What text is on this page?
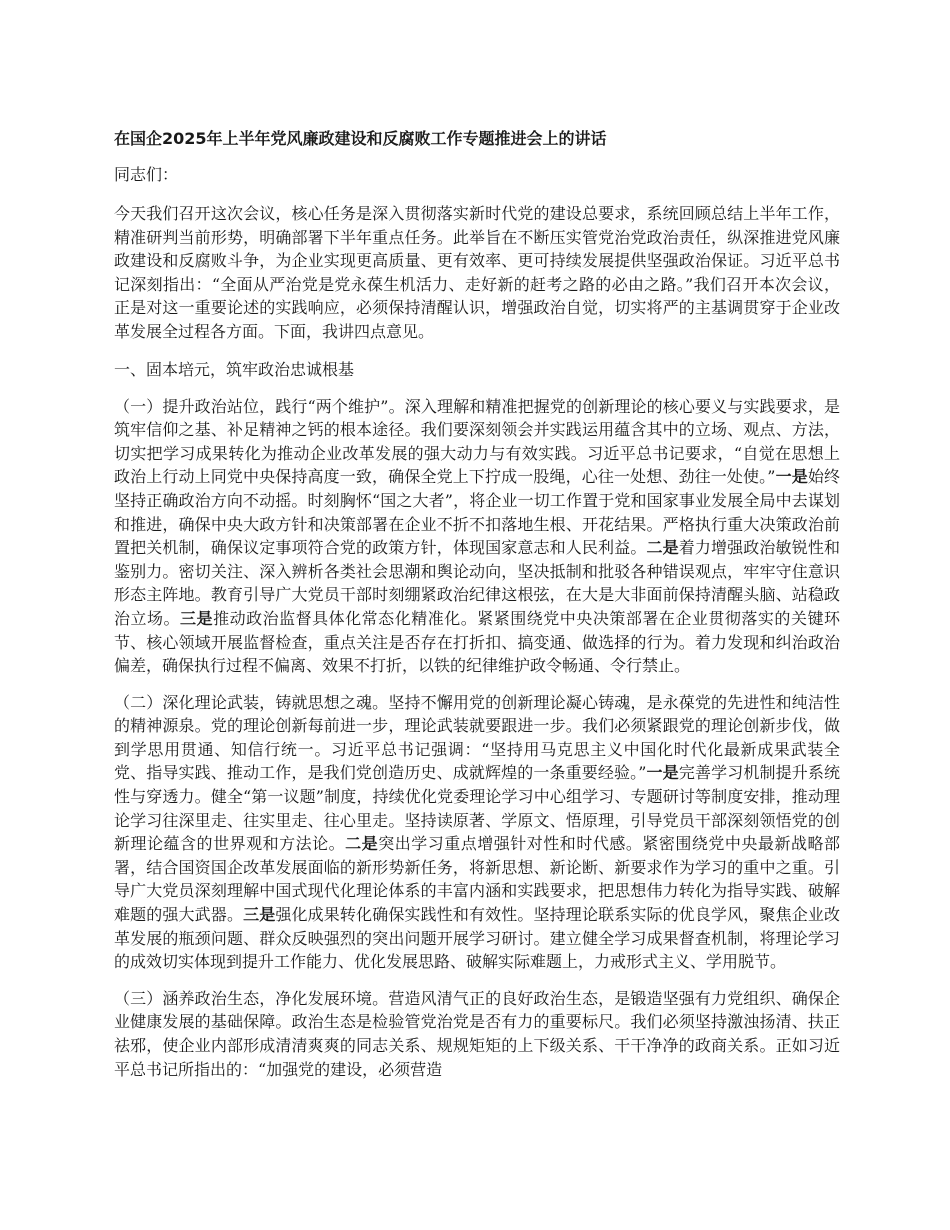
在国企2025年上半年党风廉政建设和反腐败工作专题推进会上的讲话
同志们：

今天我们召开这次会议，核心任务是深入贯彻落实新时代党的建设总要求，系统回顾总结上半年工作，精准研判当前形势，明确部署下半年重点任务。此举旨在不断压实管党治党政治责任，纵深推进党风廉政建设和反腐败斗争，为企业实现更高质量、更有效率、更可持续发展提供坚强政治保证。习近平总书记深刻指出：“全面从严治党是党永葆生机活力、走好新的赶考之路的必由之路。”我们召开本次会议，正是对这一重要论述的实践响应，必须保持清醒认识，增强政治自觉，切实将严的主基调贯穿于企业改革发展全过程各方面。下面，我讲四点意见。

一、固本培元，筑牢政治忠诚根基

（一）提升政治站位，践行“两个维护”。深入理解和精准把握党的创新理论的核心要义与实践要求，是筑牢信仰之基、补足精神之钙的根本途径。我们要深刻领会并实践运用蕴含其中的立场、观点、方法，切实把学习成果转化为推动企业改革发展的强大动力与有效实践。习近平总书记要求，“自觉在思想上政治上行动上同党中央保持高度一致，确保全党上下拧成一股绳，心往一处想、劲往一处使。”一是始终坚持正确政治方向不动摇。时刻胸怀“国之大者”，将企业一切工作置于党和国家事业发展全局中去谋划和推进，确保中央大政方针和决策部署在企业不折不扣落地生根、开花结果。严格执行重大决策政治前置把关机制，确保议定事项符合党的政策方针，体现国家意志和人民利益。二是着力增强政治敏锐性和鉴别力。密切关注、深入辨析各类社会思潮和舆论动向，坚决抵制和批驳各种错误观点，牢牢守住意识形态主阵地。教育引导广大党员干部时刻绷紧政治纪律这根弦，在大是大非面前保持清醒头脑、站稳政治立场。三是推动政治监督具体化常态化精准化。紧紧围绕党中央决策部署在企业贯彻落实的关键环节、核心领域开展监督检查，重点关注是否存在打折扣、搞变通、做选择的行为。着力发现和纠治政治偏差，确保执行过程不偏离、效果不打折，以铁的纪律维护政令畅通、令行禁止。

（二）深化理论武装，铸就思想之魂。坚持不懈用党的创新理论凝心铸魂，是永葆党的先进性和纯洁性的精神源泉。党的理论创新每前进一步，理论武装就要跟进一步。我们必须紧跟党的理论创新步伐，做到学思用贯通、知信行统一。习近平总书记强调：“坚持用马克思主义中国化时代化最新成果武装全党、指导实践、推动工作，是我们党创造历史、成就辉煌的一条重要经验。”一是完善学习机制提升系统性与穿透力。健全“第一议题”制度，持续优化党委理论学习中心组学习、专题研讨等制度安排，推动理论学习往深里走、往实里走、往心里走。坚持读原著、学原文、悟原理，引导党员干部深刻领悟党的创新理论蕴含的世界观和方法论。二是突出学习重点增强针对性和时代感。紧密围绕党中央最新战略部署，结合国资国企改革发展面临的新形势新任务，将新思想、新论断、新要求作为学习的重中之重。引导广大党员深刻理解中国式现代化理论体系的丰富内涵和实践要求，把思想伟力转化为指导实践、破解难题的强大武器。三是强化成果转化确保实践性和有效性。坚持理论联系实际的优良学风，聚焦企业改革发展的瓶颈问题、群众反映强烈的突出问题开展学习研讨。建立健全学习成果督查机制，将理论学习的成效切实体现到提升工作能力、优化发展思路、破解实际难题上，力戒形式主义、学用脱节。

（三）涵养政治生态，净化发展环境。营造风清气正的良好政治生态，是锻造坚强有力党组织、确保企业健康发展的基础保障。政治生态是检验管党治党是否有力的重要标尺。我们必须坚持激浊扬清、扶正祛邪，使企业内部形成清清爽爽的同志关系、规规矩矩的上下级关系、干干净净的政商关系。正如习近平总书记所指出的：“加强党的建设，必须营造
